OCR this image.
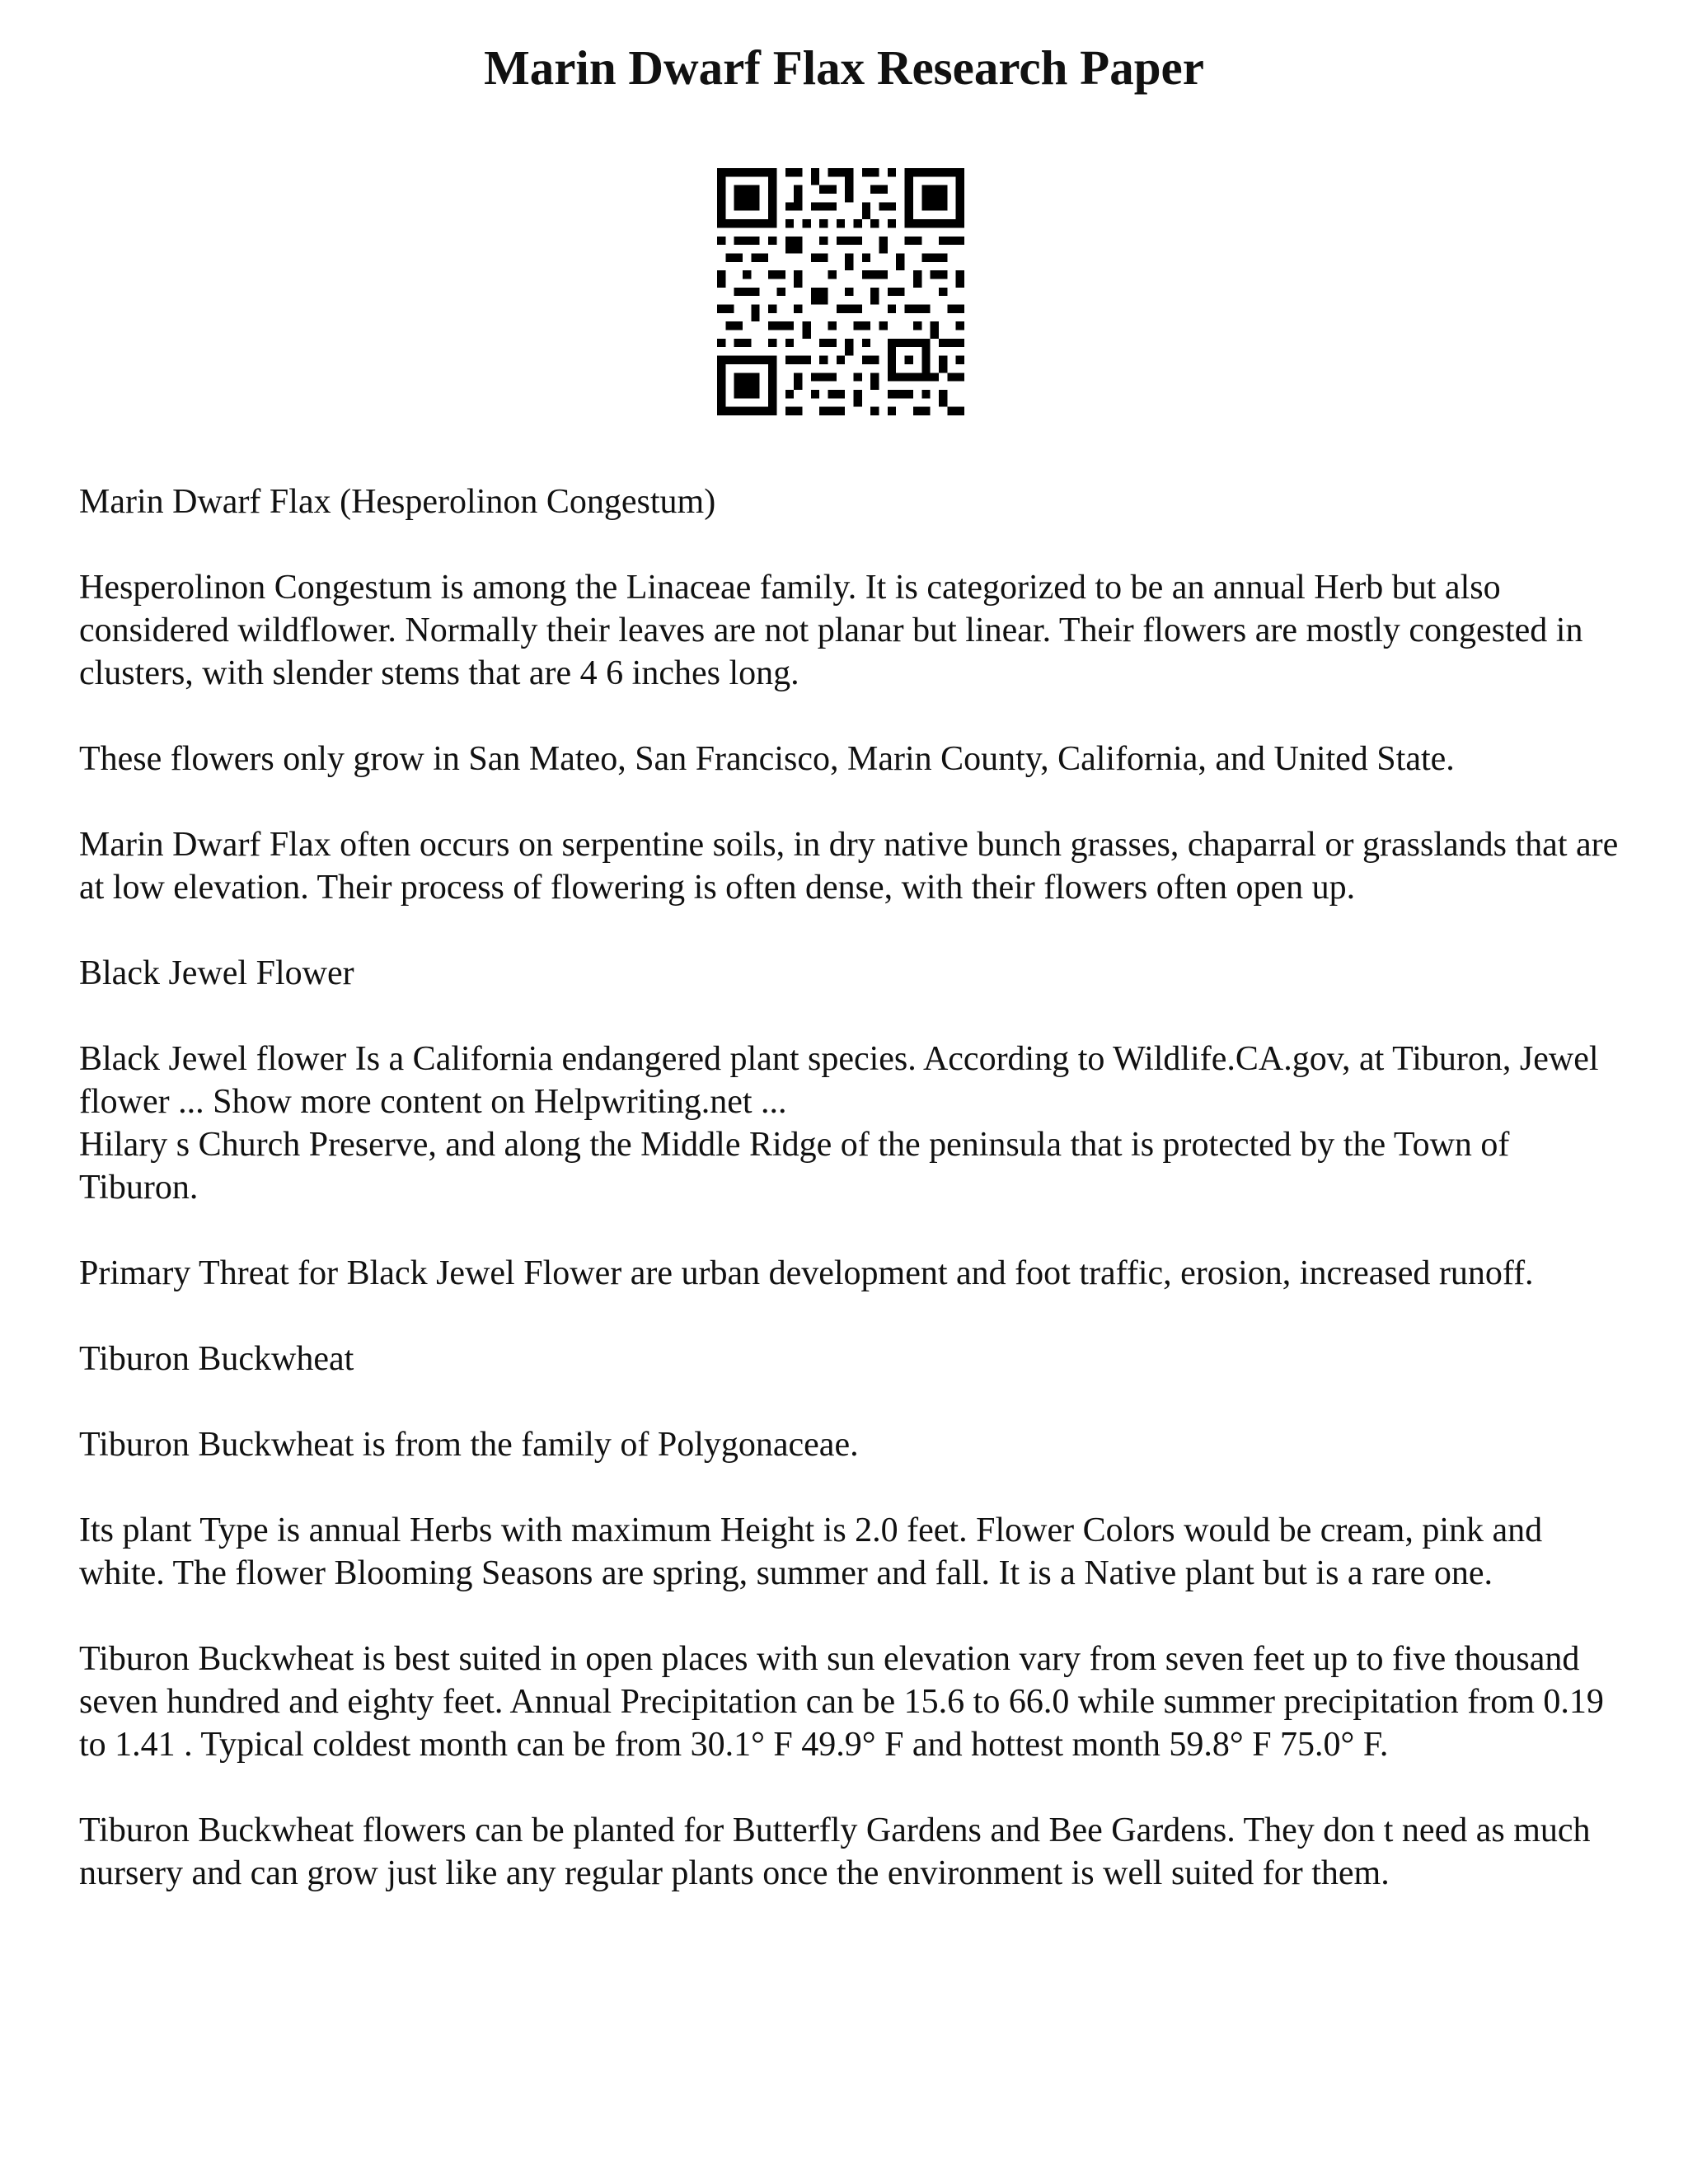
Marin Dwarf Flax Research Paper

Marin Dwarf Flax (Hesperolinon Congestum)

Hesperolinon Congestum is among the Linaceae family. It is categorized to be an annual Herb but also considered wildflower. Normally their leaves are not planar but linear. Their flowers are mostly congested in clusters, with slender stems that are 4 6 inches long.

These flowers only grow in San Mateo, San Francisco, Marin County, California, and United State.

Marin Dwarf Flax often occurs on serpentine soils, in dry native bunch grasses, chaparral or grasslands that are at low elevation. Their process of flowering is often dense, with their flowers often open up.

Black Jewel Flower

Black Jewel flower Is a California endangered plant species. According to Wildlife.CA.gov, at Tiburon, Jewel flower ... Show more content on Helpwriting.net ...
Hilary s Church Preserve, and along the Middle Ridge of the peninsula that is protected by the Town of Tiburon.

Primary Threat for Black Jewel Flower are urban development and foot traffic, erosion, increased runoff.

Tiburon Buckwheat

Tiburon Buckwheat is from the family of Polygonaceae.

Its plant Type is annual Herbs with maximum Height is 2.0 feet. Flower Colors would be cream, pink and white. The flower Blooming Seasons are spring, summer and fall. It is a Native plant but is a rare one.

Tiburon Buckwheat is best suited in open places with sun elevation vary from seven feet up to five thousand seven hundred and eighty feet. Annual Precipitation can be 15.6 to 66.0 while summer precipitation from 0.19 to 1.41 . Typical coldest month can be from 30.1° F 49.9° F and hottest month 59.8° F 75.0° F.

Tiburon Buckwheat flowers can be planted for Butterfly Gardens and Bee Gardens. They don t need as much nursery and can grow just like any regular plants once the environment is well suited for them.
